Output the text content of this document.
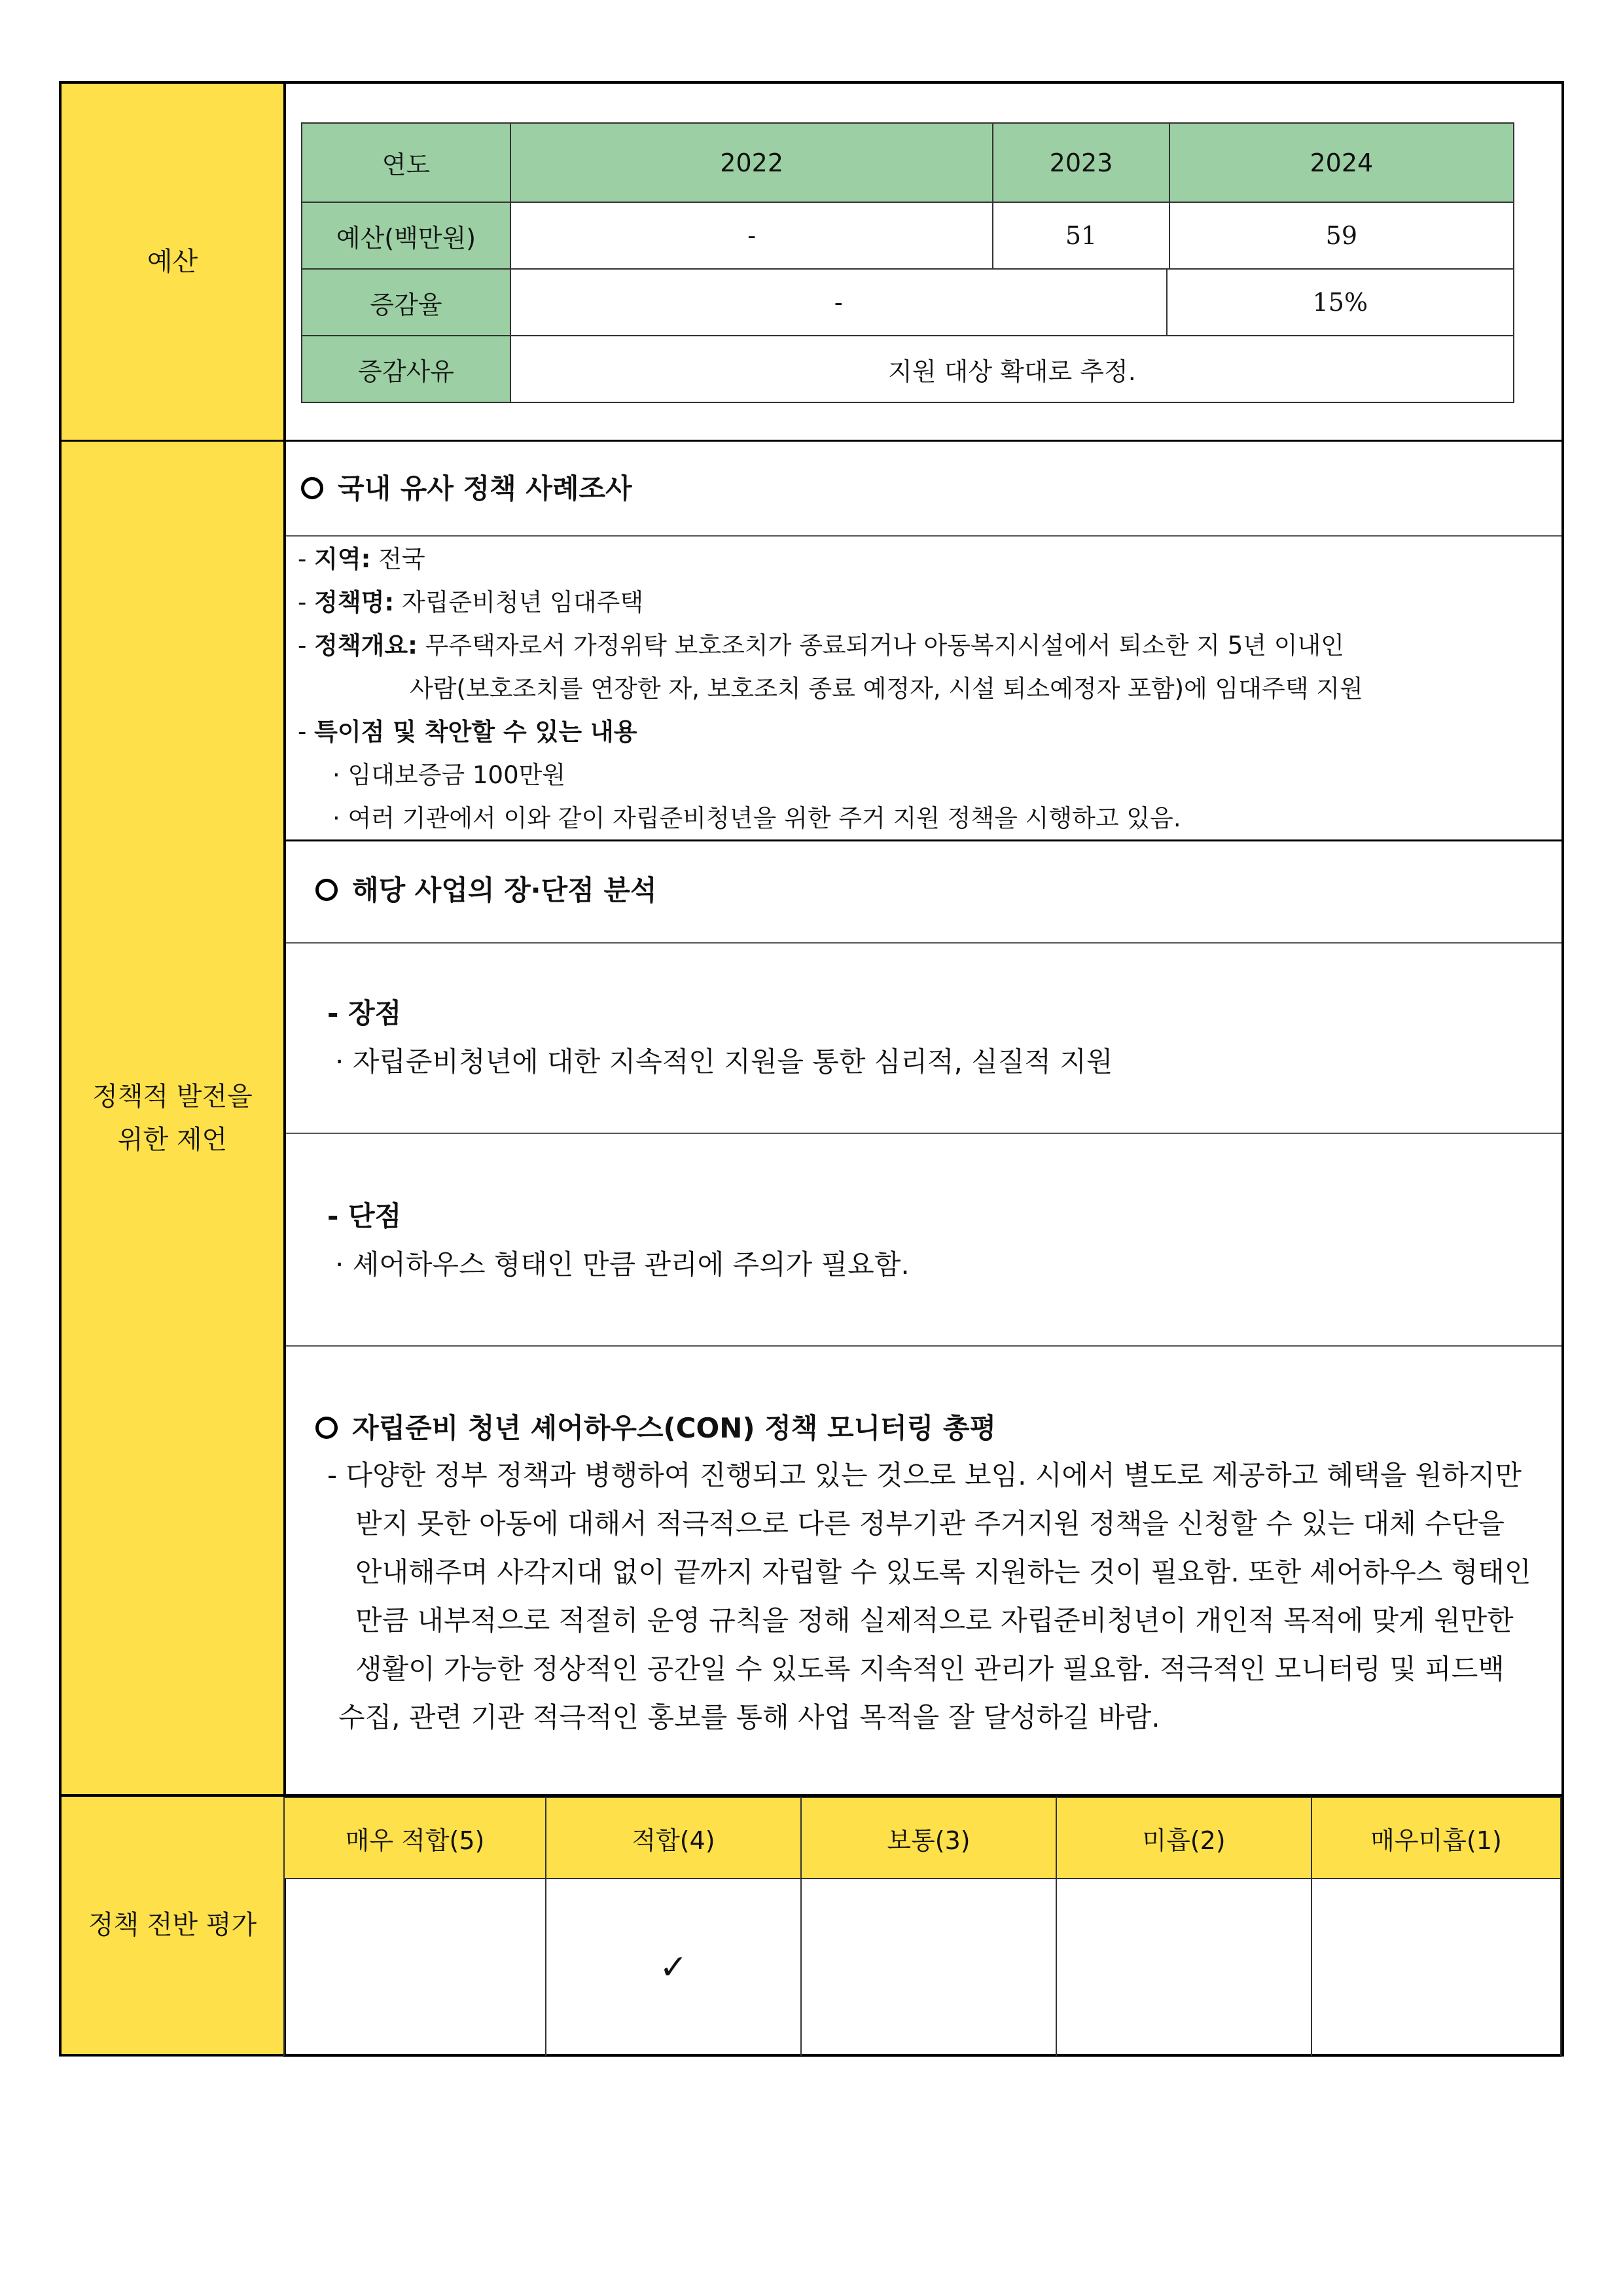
예산
정책적 발전을
위한 제언
정책 전반 평가
연도	2022		2023		2024
예산(백만원)	-		51		59
증감율	-			15%	
증감사유	지원 대상 확대로 추정.				

국내 유사 정책 사례조사
- 지역: 전국
- 정책명: 자립준비청년 임대주택
- 정책개요: 무주택자로서 가정위탁 보호조치가 종료되거나 아동복지시설에서 퇴소한 지 5년 이내인
사람(보호조치를 연장한 자, 보호조치 종료 예정자, 시설 퇴소예정자 포함)에 임대주택 지원
- 특이점 및 착안할 수 있는 내용
· 임대보증금 100만원
· 여러 기관에서 이와 같이 자립준비청년을 위한 주거 지원 정책을 시행하고 있음.
해당 사업의 장·단점 분석
- 장점
· 자립준비청년에 대한 지속적인 지원을 통한 심리적, 실질적 지원
- 단점
· 셰어하우스 형태인 만큼 관리에 주의가 필요함.
자립준비 청년 셰어하우스(CON) 정책 모니터링 총평
- 다양한 정부 정책과 병행하여 진행되고 있는 것으로 보임. 시에서 별도로 제공하고 혜택을 원하지만
받지 못한 아동에 대해서 적극적으로 다른 정부기관 주거지원 정책을 신청할 수 있는 대체 수단을
안내해주며 사각지대 없이 끝까지 자립할 수 있도록 지원하는 것이 필요함. 또한 셰어하우스 형태인
만큼 내부적으로 적절히 운영 규칙을 정해 실제적으로 자립준비청년이 개인적 목적에 맞게 원만한
생활이 가능한 정상적인 공간일 수 있도록 지속적인 관리가 필요함. 적극적인 모니터링 및 피드백
수집, 관련 기관 적극적인 홍보를 통해 사업 목적을 잘 달성하길 바람.
매우 적합(5)	적합(4)	보통(3)	미흡(2)	매우미흡(1)
	✓			
